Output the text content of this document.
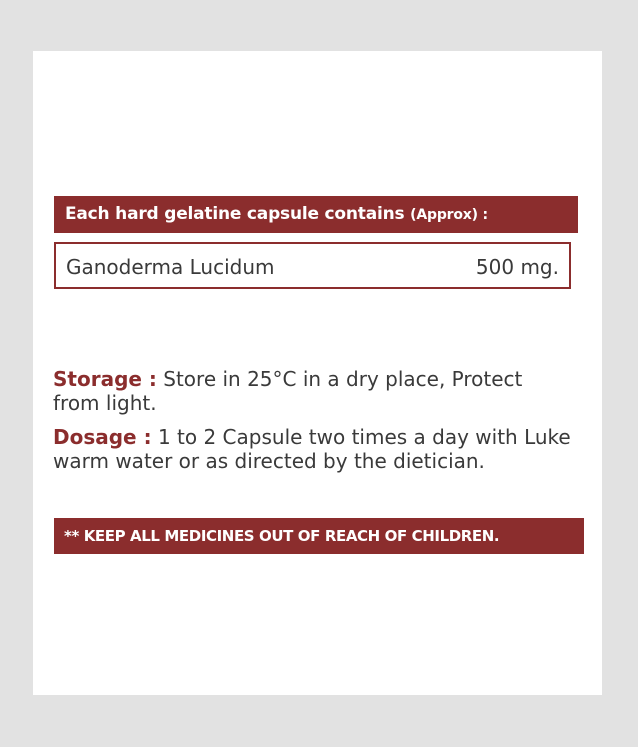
Each hard gelatine capsule contains (Approx) :
Ganoderma Lucidum	500 mg.
Storage : Store in 25°C in a dry place, Protect from light.
Dosage : 1 to 2 Capsule two times a day with Luke warm water or as directed by the dietician.
** KEEP ALL MEDICINES OUT OF REACH OF CHILDREN.
